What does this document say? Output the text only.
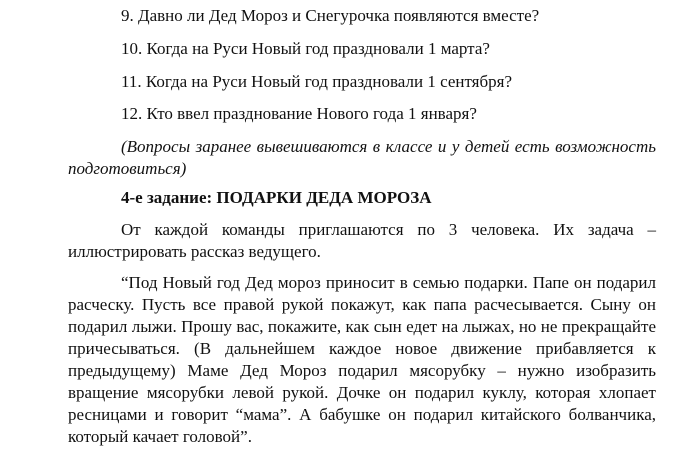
9. Давно ли Дед Мороз и Снегурочка появляются вместе?
10. Когда на Руси Новый год праздновали 1 марта?
11. Когда на Руси Новый год праздновали 1 сентября?
12. Кто ввел празднование Нового года 1 января?
(Вопросы заранее вывешиваются в классе и у детей есть возможность подготовиться)
4-е задание: ПОДАРКИ ДЕДА МОРОЗА

От каждой команды приглашаются по 3 человека. Их задача – иллюстрировать рассказ ведущего.

“Под Новый год Дед мороз приносит в семью подарки. Папе он подарил расческу. Пусть все правой рукой покажут, как папа расчесывается. Сыну он подарил лыжи. Прошу вас, покажите, как сын едет на лыжах, но не прекращайте причесываться. (В дальнейшем каждое новое движение прибавляется к предыдущему) Маме Дед Мороз подарил мясорубку – нужно изобразить вращение мясорубки левой рукой. Дочке он подарил куклу, которая хлопает ресницами и говорит “мама”. А бабушке он подарил китайского болванчика, который качает головой”.
